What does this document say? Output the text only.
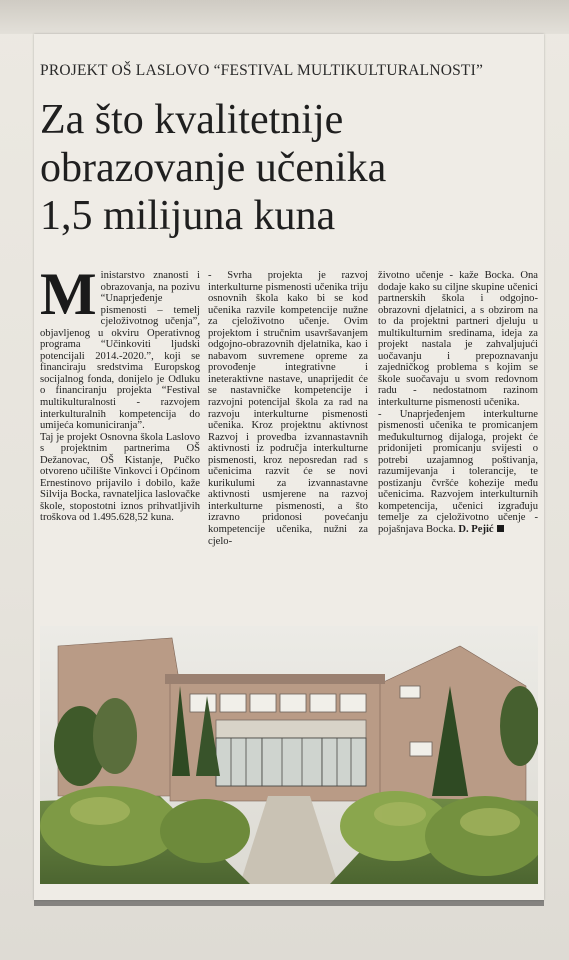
PROJEKT OŠ LASLOVO “FESTIVAL MULTIKULTURALNOSTI”
Za što kvalitetnije
obrazovanje učenika
1,5 milijuna kuna

Ministarstvo znanosti i obrazovanja, na pozivu “Unaprjeđenje pismenosti – temelj cjeloživotnog učenja”, objavljenog u okviru Operativnog programa “Učinkoviti ljudski potencijali 2014.-2020.”, koji se financiraju sredstvima Europskog socijalnog fonda, donijelo je Odluku o financiranju projekta “Festival multikulturalnosti - razvojem interkulturalnih kompetencija do umijeća komuniciranja”.

Taj je projekt Osnovna škola Laslovo s projektnim partnerima OŠ Dežanovac, OŠ Kistanje, Pučko otvoreno učilište Vinkovci i Općinom Ernestinovo prijavilo i dobilo, kaže Silvija Bocka, ravnateljica laslovačke škole, stopostotni iznos prihvatljivih troškova od 1.495.628,52 kuna.

- Svrha projekta je razvoj interkulturne pismenosti učenika triju osnovnih škola kako bi se kod učenika razvile kompetencije nužne za cjeloživotno učenje. Ovim projektom i stručnim usavršavanjem odgojno-obrazovnih djelatnika, kao i nabavom suvremene opreme za provođenje integrativne i ineteraktivne nastave, unaprijedit će se nastavničke kompetencije i razvojni potencijal škola za rad na razvoju interkulturne pismenosti učenika. Kroz projektnu aktivnost Razvoj i provedba izvannastavnih aktivnosti iz područja interkulturne pismenosti, kroz neposredan rad s učenicima razvit će se novi kurikulumi za izvannastavne aktivnosti usmjerene na razvoj interkulturne pismenosti, a što izravno pridonosi povećanju kompetencije učenika, nužni za cjelo-

životno učenje - kaže Bocka. Ona dodaje kako su ciljne skupine učenici partnerskih škola i odgojno-obrazovni djelatnici, a s obzirom na to da projektni partneri djeluju u multikulturnim sredinama, ideja za projekt nastala je zahvaljujući uočavanju i prepoznavanju zajedničkog problema s kojim se škole suočavaju u svom redovnom radu - nedostatnom razinom interkulturne pismenosti učenika.

- Unaprjeđenjem interkulturne pismenosti učenika te promicanjem međukulturnog dijaloga, projekt će pridonijeti promicanju svijesti o potrebi uzajamnog poštivanja, razumijevanja i tolerancije, te postizanju čvršće kohezije među učenicima. Razvojem interkulturnih kompetencija, učenici izgrađuju temelje za cjeloživotno učenje - pojašnjava Bocka. D. Pejić
